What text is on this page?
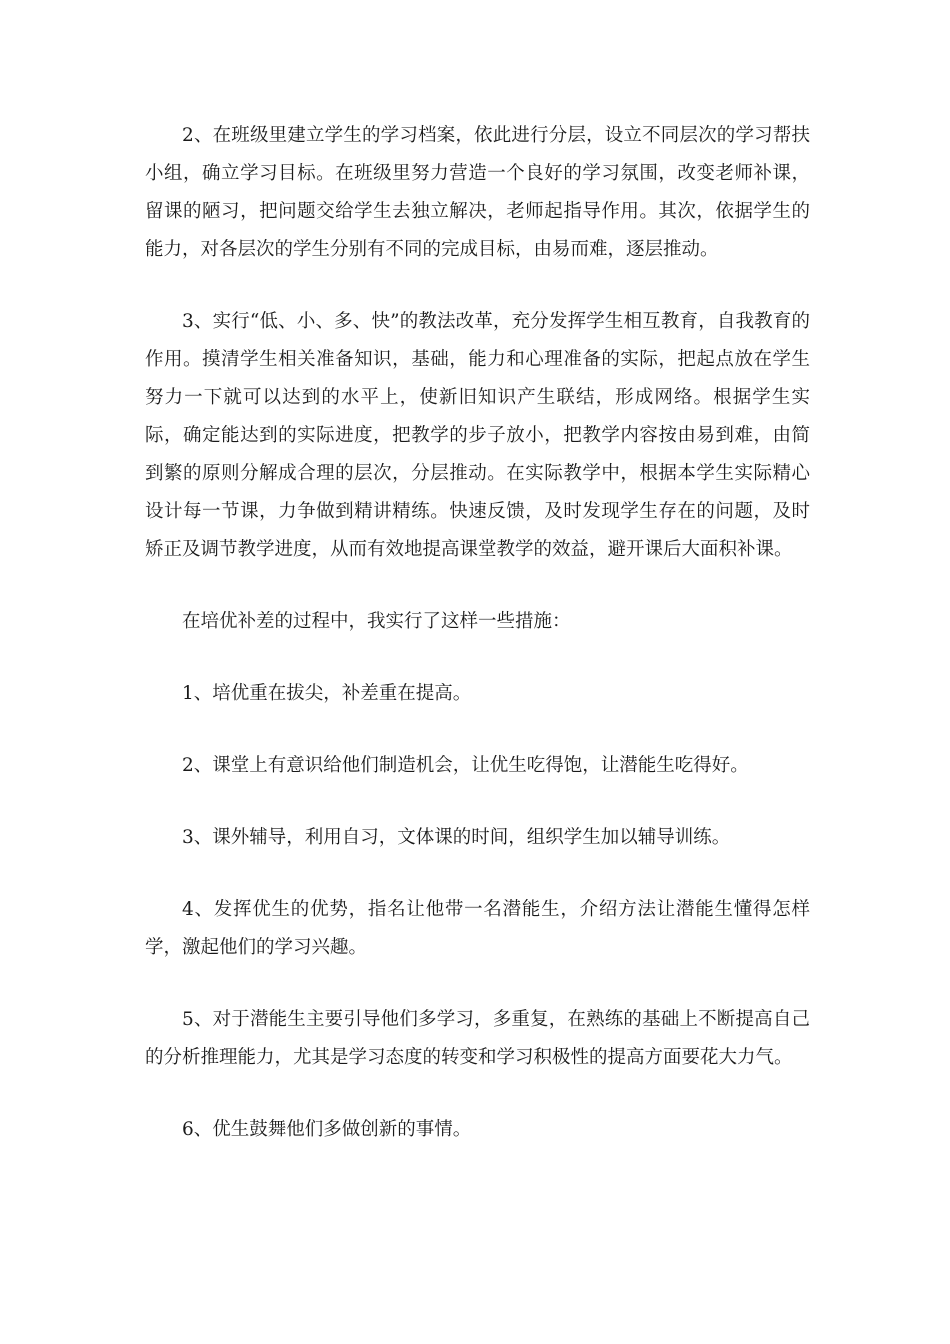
2、在班级里建立学生的学习档案，依此进行分层，设立不同层次的学习帮扶小组，确立学习目标。在班级里努力营造一个良好的学习氛围，改变老师补课，留课的陋习，把问题交给学生去独立解决，老师起指导作用。其次，依据学生的能力，对各层次的学生分别有不同的完成目标，由易而难，逐层推动。

3、实行“低、小、多、快”的教法改革，充分发挥学生相互教育，自我教育的作用。摸清学生相关准备知识，基础，能力和心理准备的实际，把起点放在学生努力一下就可以达到的水平上，使新旧知识产生联结，形成网络。根据学生实际，确定能达到的实际进度，把教学的步子放小，把教学内容按由易到难，由简到繁的原则分解成合理的层次，分层推动。在实际教学中，根据本学生实际精心设计每一节课，力争做到精讲精练。快速反馈，及时发现学生存在的问题，及时矫正及调节教学进度，从而有效地提高课堂教学的效益，避开课后大面积补课。

在培优补差的过程中，我实行了这样一些措施：

1、培优重在拔尖，补差重在提高。

2、课堂上有意识给他们制造机会，让优生吃得饱，让潜能生吃得好。

3、课外辅导，利用自习，文体课的时间，组织学生加以辅导训练。

4、发挥优生的优势，指名让他带一名潜能生，介绍方法让潜能生懂得怎样学，激起他们的学习兴趣。

5、对于潜能生主要引导他们多学习，多重复，在熟练的基础上不断提高自己的分析推理能力，尤其是学习态度的转变和学习积极性的提高方面要花大力气。

6、优生鼓舞他们多做创新的事情。
